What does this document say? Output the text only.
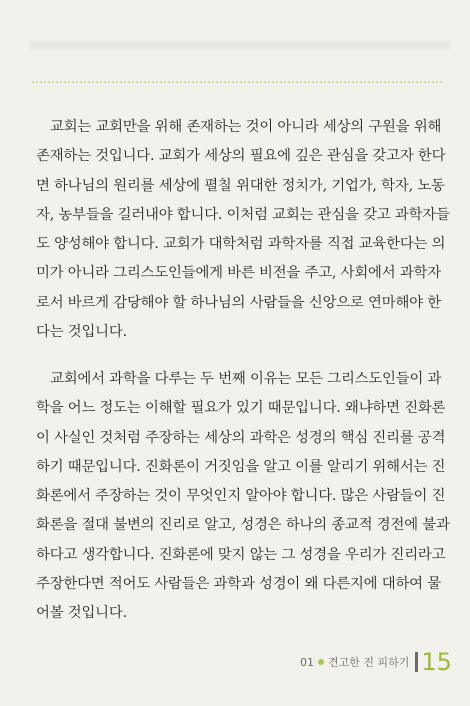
교회는 교회만을 위해 존재하는 것이 아니라 세상의 구원을 위해
존재하는 것입니다. 교회가 세상의 필요에 깊은 관심을 갖고자 한다
면 하나님의 원리를 세상에 펼칠 위대한 정치가, 기업가, 학자, 노동
자, 농부들을 길러내야 합니다. 이처럼 교회는 관심을 갖고 과학자들
도 양성해야 합니다. 교회가 대학처럼 과학자를 직접 교육한다는 의
미가 아니라 그리스도인들에게 바른 비전을 주고, 사회에서 과학자
로서 바르게 감당해야 할 하나님의 사람들을 신앙으로 연마해야 한
다는 것입니다.
교회에서 과학을 다루는 두 번째 이유는 모든 그리스도인들이 과
학을 어느 정도는 이해할 필요가 있기 때문입니다. 왜냐하면 진화론
이 사실인 것처럼 주장하는 세상의 과학은 성경의 핵심 진리를 공격
하기 때문입니다. 진화론이 거짓임을 알고 이를 알리기 위해서는 진
화론에서 주장하는 것이 무엇인지 알아야 합니다. 많은 사람들이 진
화론을 절대 불변의 진리로 알고, 성경은 하나의 종교적 경전에 불과
하다고 생각합니다. 진화론에 맞지 않는 그 성경을 우리가 진리라고
주장한다면 적어도 사람들은 과학과 성경이 왜 다른지에 대하여 물
어볼 것입니다.
01 견고한 진 피하기 15
